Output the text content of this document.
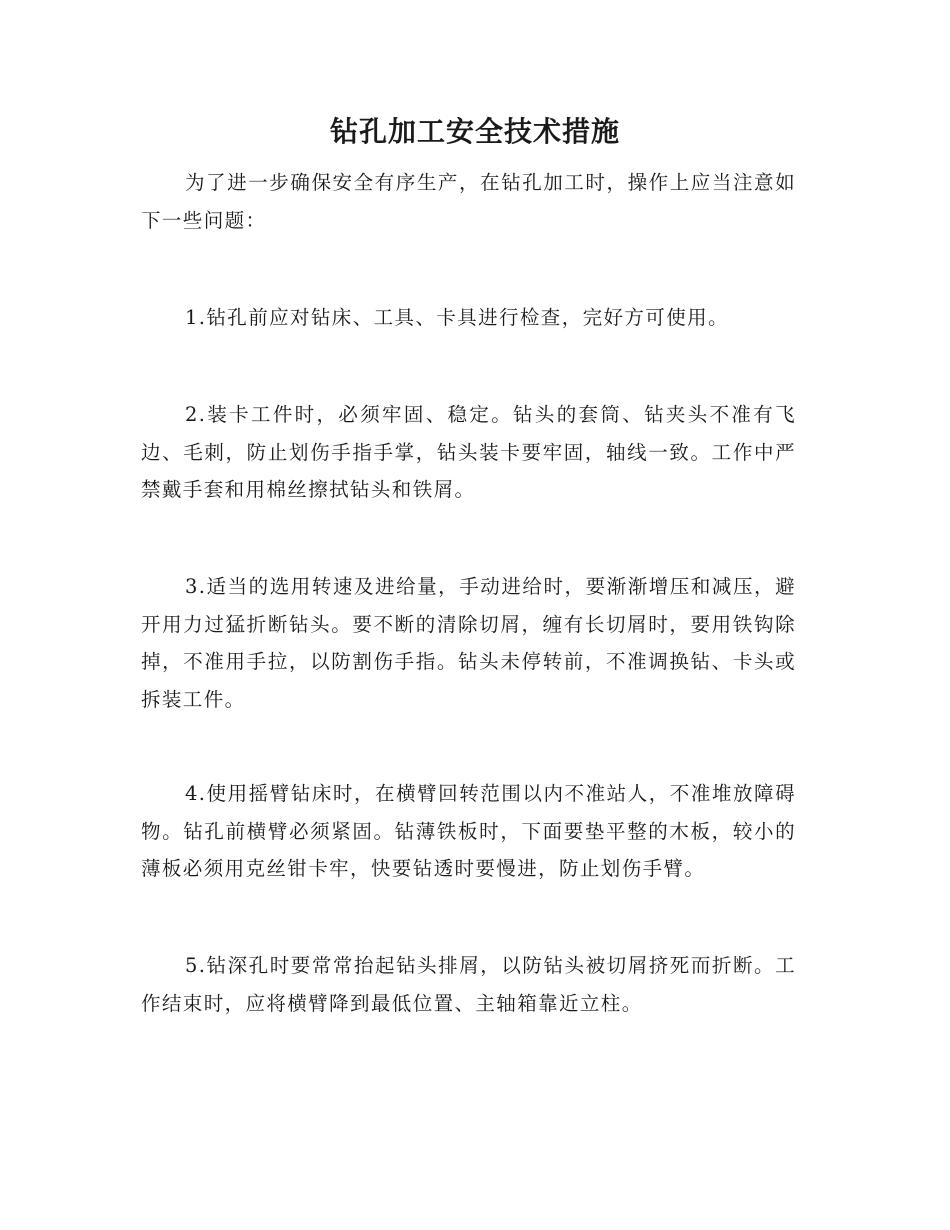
钻孔加工安全技术措施

为了进一步确保安全有序生产，在钻孔加工时，操作上应当注意如下一些问题：

1.钻孔前应对钻床、工具、卡具进行检查，完好方可使用。

2.装卡工件时，必须牢固、稳定。钻头的套筒、钻夹头不准有飞边、毛刺，防止划伤手指手掌，钻头装卡要牢固，轴线一致。工作中严禁戴手套和用棉丝擦拭钻头和铁屑。

3.适当的选用转速及进给量，手动进给时，要渐渐增压和减压，避开用力过猛折断钻头。要不断的清除切屑，缠有长切屑时，要用铁钩除掉，不准用手拉，以防割伤手指。钻头未停转前，不准调换钻、卡头或拆装工件。

4.使用摇臂钻床时，在横臂回转范围以内不准站人，不准堆放障碍物。钻孔前横臂必须紧固。钻薄铁板时，下面要垫平整的木板，较小的薄板必须用克丝钳卡牢，快要钻透时要慢进，防止划伤手臂。

5.钻深孔时要常常抬起钻头排屑，以防钻头被切屑挤死而折断。工作结束时，应将横臂降到最低位置、主轴箱靠近立柱。
